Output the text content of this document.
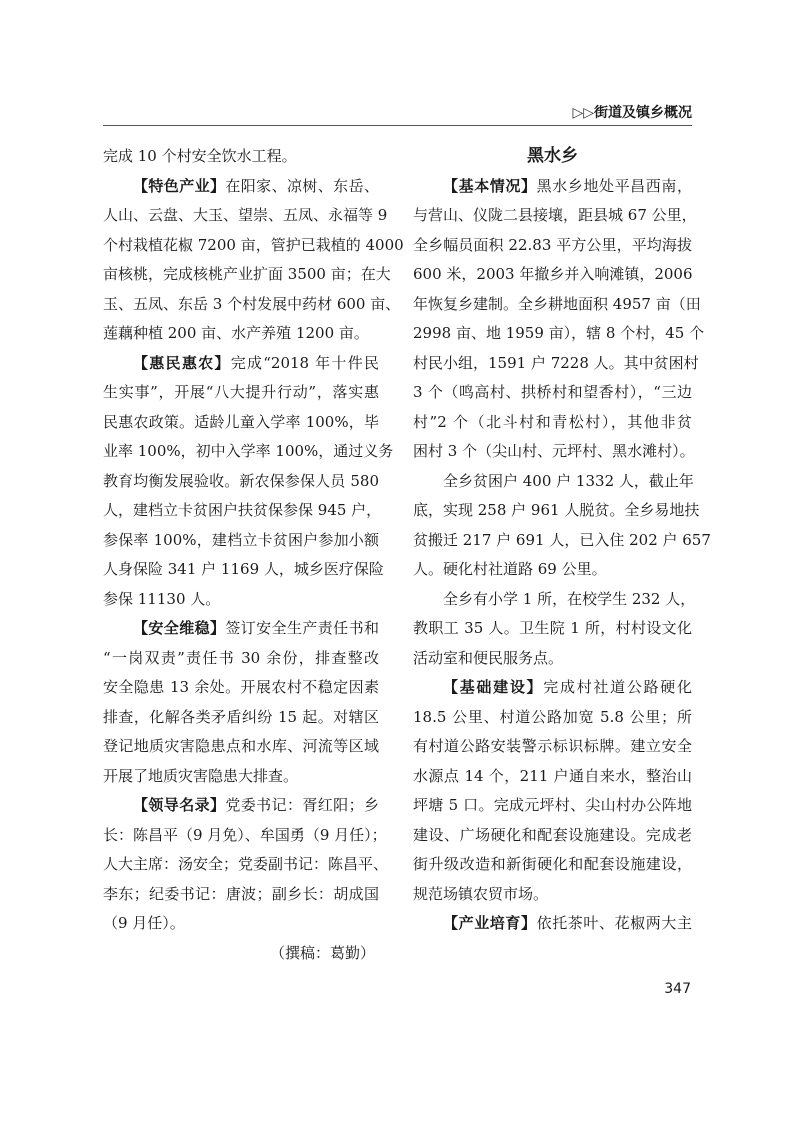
▷▷街道及镇乡概况
完成 10 个村安全饮水工程。
【特色产业】在阳家、凉树、东岳、
人山、云盘、大玉、望崇、五凤、永福等 9
个村栽植花椒 7200 亩，管护已栽植的 4000
亩核桃，完成核桃产业扩面 3500 亩；在大
玉、五凤、东岳 3 个村发展中药材 600 亩、
莲藕种植 200 亩、水产养殖 1200 亩。
【惠民惠农】完成“2018 年十件民
生实事”，开展“八大提升行动”，落实惠
民惠农政策。适龄儿童入学率 100%，毕
业率 100%，初中入学率 100%，通过义务
教育均衡发展验收。新农保参保人员 580
人，建档立卡贫困户扶贫保参保 945 户，
参保率 100%，建档立卡贫困户参加小额
人身保险 341 户 1169 人，城乡医疗保险
参保 11130 人。
【安全维稳】签订安全生产责任书和
“一岗双责”责任书 30 余份，排查整改
安全隐患 13 余处。开展农村不稳定因素
排查，化解各类矛盾纠纷 15 起。对辖区
登记地质灾害隐患点和水库、河流等区域
开展了地质灾害隐患大排查。
【领导名录】党委书记：胥红阳；乡
长：陈昌平（9 月免）、牟国勇（9 月任）；
人大主席：汤安全；党委副书记：陈昌平、
李东；纪委书记：唐波；副乡长：胡成国
（9 月任）。
（撰稿：葛勤）
黑水乡
【基本情况】黑水乡地处平昌西南，
与营山、仪陇二县接壤，距县城 67 公里，
全乡幅员面积 22.83 平方公里，平均海拔
600 米，2003 年撤乡并入响滩镇，2006
年恢复乡建制。全乡耕地面积 4957 亩（田
2998 亩、地 1959 亩），辖 8 个村，45 个
村民小组，1591 户 7228 人。其中贫困村
3 个（鸣高村、拱桥村和望香村），“三边
村”2 个（北斗村和青松村），其他非贫
困村 3 个（尖山村、元坪村、黑水滩村）。
全乡贫困户 400 户 1332 人，截止年
底，实现 258 户 961 人脱贫。全乡易地扶
贫搬迁 217 户 691 人，已入住 202 户 657
人。硬化村社道路 69 公里。
全乡有小学 1 所，在校学生 232 人，
教职工 35 人。卫生院 1 所，村村设文化
活动室和便民服务点。
【基础建设】完成村社道公路硬化
18.5 公里、村道公路加宽 5.8 公里；所
有村道公路安装警示标识标牌。建立安全
水源点 14 个，211 户通自来水，整治山
坪塘 5 口。完成元坪村、尖山村办公阵地
建设、广场硬化和配套设施建设。完成老
街升级改造和新街硬化和配套设施建设，
规范场镇农贸市场。
【产业培育】依托茶叶、花椒两大主
347
